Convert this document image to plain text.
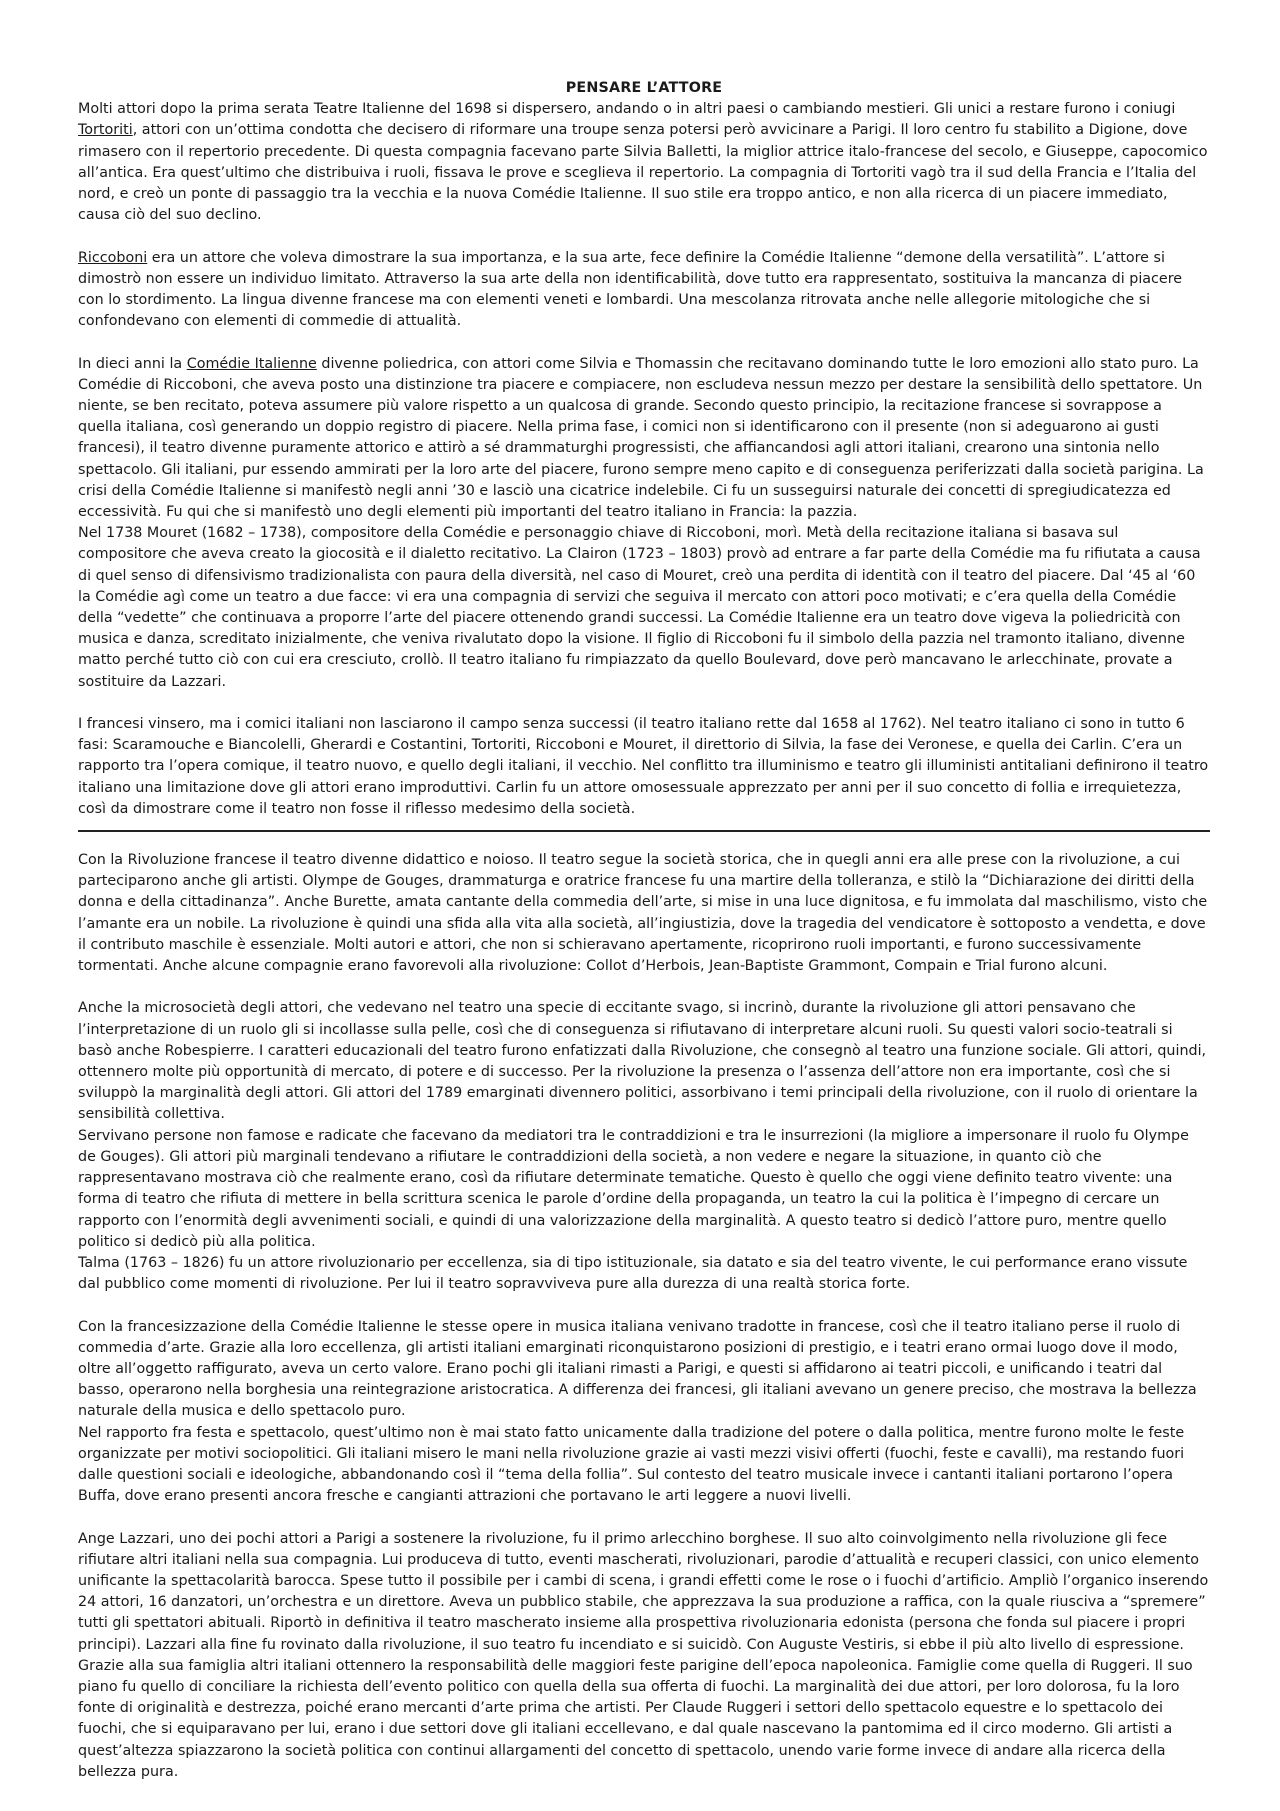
PENSARE L’ATTORE

Molti attori dopo la prima serata Teatre Italienne del 1698 si dispersero, andando o in altri paesi o cambiando mestieri. Gli unici a restare furono i coniugi Tortoriti, attori con un’ottima condotta che decisero di riformare una troupe senza potersi però avvicinare a Parigi. Il loro centro fu stabilito a Digione, dove rimasero con il repertorio precedente. Di questa compagnia facevano parte Silvia Balletti, la miglior attrice italo-francese del secolo, e Giuseppe, capocomico all’antica. Era quest’ultimo che distribuiva i ruoli, fissava le prove e sceglieva il repertorio. La compagnia di Tortoriti vagò tra il sud della Francia e l’Italia del nord, e creò un ponte di passaggio tra la vecchia e la nuova Comédie Italienne. Il suo stile era troppo antico, e non alla ricerca di un piacere immediato, causa ciò del suo declino.

Riccoboni era un attore che voleva dimostrare la sua importanza, e la sua arte, fece definire la Comédie Italienne “demone della versatilità”. L’attore si dimostrò non essere un individuo limitato. Attraverso la sua arte della non identificabilità, dove tutto era rappresentato, sostituiva la mancanza di piacere con lo stordimento. La lingua divenne francese ma con elementi veneti e lombardi. Una mescolanza ritrovata anche nelle allegorie mitologiche che si confondevano con elementi di commedie di attualità.

In dieci anni la Comédie Italienne divenne poliedrica, con attori come Silvia e Thomassin che recitavano dominando tutte le loro emozioni allo stato puro. La Comédie di Riccoboni, che aveva posto una distinzione tra piacere e compiacere, non escludeva nessun mezzo per destare la sensibilità dello spettatore. Un niente, se ben recitato, poteva assumere più valore rispetto a un qualcosa di grande. Secondo questo principio, la recitazione francese si sovrappose a quella italiana, così generando un doppio registro di piacere. Nella prima fase, i comici non si identificarono con il presente (non si adeguarono ai gusti francesi), il teatro divenne puramente attorico e attirò a sé drammaturghi progressisti, che affiancandosi agli attori italiani, crearono una sintonia nello spettacolo. Gli italiani, pur essendo ammirati per la loro arte del piacere, furono sempre meno capito e di conseguenza periferizzati dalla società parigina. La crisi della Comédie Italienne si manifestò negli anni ’30 e lasciò una cicatrice indelebile. Ci fu un susseguirsi naturale dei concetti di spregiudicatezza ed eccessività. Fu qui che si manifestò uno degli elementi più importanti del teatro italiano in Francia: la pazzia.

Nel 1738 Mouret (1682 – 1738), compositore della Comédie e personaggio chiave di Riccoboni, morì. Metà della recitazione italiana si basava sul compositore che aveva creato la giocosità e il dialetto recitativo. La Clairon (1723 – 1803) provò ad entrare a far parte della Comédie ma fu rifiutata a causa di quel senso di difensivismo tradizionalista con paura della diversità, nel caso di Mouret, creò una perdita di identità con il teatro del piacere. Dal ‘45 al ‘60 la Comédie agì come un teatro a due facce: vi era una compagnia di servizi che seguiva il mercato con attori poco motivati; e c’era quella della Comédie della “vedette” che continuava a proporre l’arte del piacere ottenendo grandi successi. La Comédie Italienne era un teatro dove vigeva la poliedricità con musica e danza, screditato inizialmente, che veniva rivalutato dopo la visione. Il figlio di Riccoboni fu il simbolo della pazzia nel tramonto italiano, divenne matto perché tutto ciò con cui era cresciuto, crollò. Il teatro italiano fu rimpiazzato da quello Boulevard, dove però mancavano le arlecchinate, provate a sostituire da Lazzari.

I francesi vinsero, ma i comici italiani non lasciarono il campo senza successi (il teatro italiano rette dal 1658 al 1762). Nel teatro italiano ci sono in tutto 6 fasi: Scaramouche e Biancolelli, Gherardi e Costantini, Tortoriti, Riccoboni e Mouret, il direttorio di Silvia, la fase dei Veronese, e quella dei Carlin. C’era un rapporto tra l’opera comique, il teatro nuovo, e quello degli italiani, il vecchio. Nel conflitto tra illuminismo e teatro gli illuministi antitaliani definirono il teatro italiano una limitazione dove gli attori erano improduttivi. Carlin fu un attore omosessuale apprezzato per anni per il suo concetto di follia e irrequietezza, così da dimostrare come il teatro non fosse il riflesso medesimo della società.

Con la Rivoluzione francese il teatro divenne didattico e noioso. Il teatro segue la società storica, che in quegli anni era alle prese con la rivoluzione, a cui parteciparono anche gli artisti. Olympe de Gouges, drammaturga e oratrice francese fu una martire della tolleranza, e stilò la “Dichiarazione dei diritti della donna e della cittadinanza”. Anche Burette, amata cantante della commedia dell’arte, si mise in una luce dignitosa, e fu immolata dal maschilismo, visto che l’amante era un nobile. La rivoluzione è quindi una sfida alla vita alla società, all’ingiustizia, dove la tragedia del vendicatore è sottoposto a vendetta, e dove il contributo maschile è essenziale. Molti autori e attori, che non si schieravano apertamente, ricoprirono ruoli importanti, e furono successivamente tormentati. Anche alcune compagnie erano favorevoli alla rivoluzione: Collot d’Herbois, Jean-Baptiste Grammont, Compain e Trial furono alcuni.

Anche la microsocietà degli attori, che vedevano nel teatro una specie di eccitante svago, si incrinò, durante la rivoluzione gli attori pensavano che l’interpretazione di un ruolo gli si incollasse sulla pelle, così che di conseguenza si rifiutavano di interpretare alcuni ruoli. Su questi valori socio-teatrali si basò anche Robespierre. I caratteri educazionali del teatro furono enfatizzati dalla Rivoluzione, che consegnò al teatro una funzione sociale. Gli attori, quindi, ottennero molte più opportunità di mercato, di potere e di successo. Per la rivoluzione la presenza o l’assenza dell’attore non era importante, così che si sviluppò la marginalità degli attori. Gli attori del 1789 emarginati divennero politici, assorbivano i temi principali della rivoluzione, con il ruolo di orientare la sensibilità collettiva.

Servivano persone non famose e radicate che facevano da mediatori tra le contraddizioni e tra le insurrezioni (la migliore a impersonare il ruolo fu Olympe de Gouges). Gli attori più marginali tendevano a rifiutare le contraddizioni della società, a non vedere e negare la situazione, in quanto ciò che rappresentavano mostrava ciò che realmente erano, così da rifiutare determinate tematiche. Questo è quello che oggi viene definito teatro vivente: una forma di teatro che rifiuta di mettere in bella scrittura scenica le parole d’ordine della propaganda, un teatro la cui la politica è l’impegno di cercare un rapporto con l’enormità degli avvenimenti sociali, e quindi di una valorizzazione della marginalità. A questo teatro si dedicò l’attore puro, mentre quello politico si dedicò più alla politica.

Talma (1763 – 1826) fu un attore rivoluzionario per eccellenza, sia di tipo istituzionale, sia datato e sia del teatro vivente, le cui performance erano vissute dal pubblico come momenti di rivoluzione. Per lui il teatro sopravviveva pure alla durezza di una realtà storica forte.

Con la francesizzazione della Comédie Italienne le stesse opere in musica italiana venivano tradotte in francese, così che il teatro italiano perse il ruolo di commedia d’arte. Grazie alla loro eccellenza, gli artisti italiani emarginati riconquistarono posizioni di prestigio, e i teatri erano ormai luogo dove il modo, oltre all’oggetto raffigurato, aveva un certo valore. Erano pochi gli italiani rimasti a Parigi, e questi si affidarono ai teatri piccoli, e unificando i teatri dal basso, operarono nella borghesia una reintegrazione aristocratica. A differenza dei francesi, gli italiani avevano un genere preciso, che mostrava la bellezza naturale della musica e dello spettacolo puro.

Nel rapporto fra festa e spettacolo, quest’ultimo non è mai stato fatto unicamente dalla tradizione del potere o dalla politica, mentre furono molte le feste organizzate per motivi sociopolitici. Gli italiani misero le mani nella rivoluzione grazie ai vasti mezzi visivi offerti (fuochi, feste e cavalli), ma restando fuori dalle questioni sociali e ideologiche, abbandonando così il “tema della follia”. Sul contesto del teatro musicale invece i cantanti italiani portarono l’opera Buffa, dove erano presenti ancora fresche e cangianti attrazioni che portavano le arti leggere a nuovi livelli.

Ange Lazzari, uno dei pochi attori a Parigi a sostenere la rivoluzione, fu il primo arlecchino borghese. Il suo alto coinvolgimento nella rivoluzione gli fece rifiutare altri italiani nella sua compagnia. Lui produceva di tutto, eventi mascherati, rivoluzionari, parodie d’attualità e recuperi classici, con unico elemento unificante la spettacolarità barocca. Spese tutto il possibile per i cambi di scena, i grandi effetti come le rose o i fuochi d’artificio. Ampliò l’organico inserendo 24 attori, 16 danzatori, un’orchestra e un direttore. Aveva un pubblico stabile, che apprezzava la sua produzione a raffica, con la quale riusciva a “spremere” tutti gli spettatori abituali. Riportò in definitiva il teatro mascherato insieme alla prospettiva rivoluzionaria edonista (persona che fonda sul piacere i propri principi). Lazzari alla fine fu rovinato dalla rivoluzione, il suo teatro fu incendiato e si suicidò. Con Auguste Vestiris, si ebbe il più alto livello di espressione. Grazie alla sua famiglia altri italiani ottennero la responsabilità delle maggiori feste parigine dell’epoca napoleonica. Famiglie come quella di Ruggeri. Il suo piano fu quello di conciliare la richiesta dell’evento politico con quella della sua offerta di fuochi. La marginalità dei due attori, per loro dolorosa, fu la loro fonte di originalità e destrezza, poiché erano mercanti d’arte prima che artisti. Per Claude Ruggeri i settori dello spettacolo equestre e lo spettacolo dei fuochi, che si equiparavano per lui, erano i due settori dove gli italiani eccellevano, e dal quale nascevano la pantomima ed il circo moderno. Gli artisti a quest’altezza spiazzarono la società politica con continui allargamenti del concetto di spettacolo, unendo varie forme invece di andare alla ricerca della bellezza pura.
